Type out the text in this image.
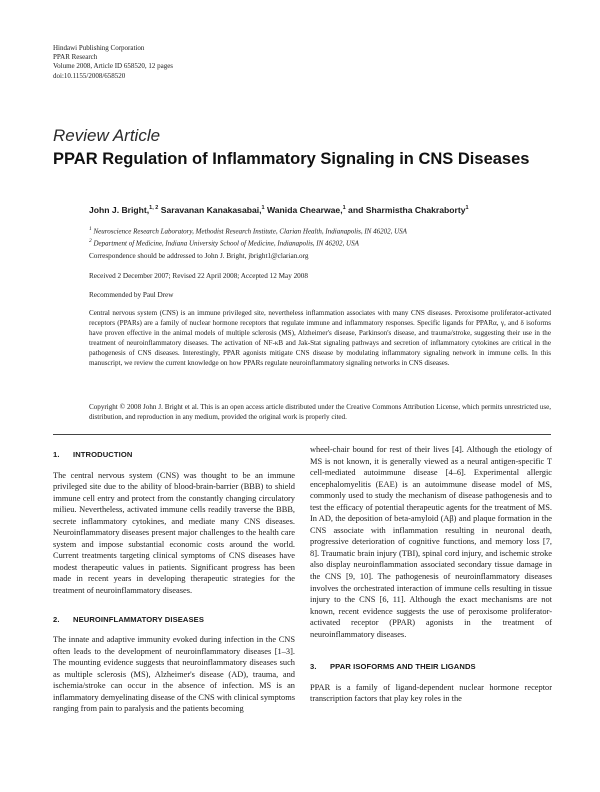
Hindawi Publishing Corporation
PPAR Research
Volume 2008, Article ID 658520, 12 pages
doi:10.1155/2008/658520
Review Article
PPAR Regulation of Inflammatory Signaling in CNS Diseases
John J. Bright,$^{1, 2}$ Saravanan Kanakasabai,$^1$ Wanida Chearwae,$^1$ and Sharmistha Chakraborty$^1$
$^1$ Neuroscience Research Laboratory, Methodist Research Institute, Clarian Health, Indianapolis, IN 46202, USA
$^2$ Department of Medicine, Indiana University School of Medicine, Indianapolis, IN 46202, USA
Correspondence should be addressed to John J. Bright, jbright1@clarian.org
Received 2 December 2007; Revised 22 April 2008; Accepted 12 May 2008
Recommended by Paul Drew
Central nervous system (CNS) is an immune privileged site, nevertheless inflammation associates with many CNS diseases. Peroxisome proliferator-activated receptors (PPARs) are a family of nuclear hormone receptors that regulate immune and inflammatory responses. Specific ligands for PPARα, γ, and δ isoforms have proven effective in the animal models of multiple sclerosis (MS), Alzheimer's disease, Parkinson's disease, and trauma/stroke, suggesting their use in the treatment of neuroinflammatory diseases. The activation of NF-κB and Jak-Stat signaling pathways and secretion of inflammatory cytokines are critical in the pathogenesis of CNS diseases. Interestingly, PPAR agonists mitigate CNS disease by modulating inflammatory signaling network in immune cells. In this manuscript, we review the current knowledge on how PPARs regulate neuroinflammatory signaling networks in CNS diseases.
Copyright © 2008 John J. Bright et al. This is an open access article distributed under the Creative Commons Attribution License, which permits unrestricted use, distribution, and reproduction in any medium, provided the original work is properly cited.
1. INTRODUCTION

The central nervous system (CNS) was thought to be an immune privileged site due to the ability of blood-brain-barrier (BBB) to shield immune cell entry and protect from the constantly changing circulatory milieu. Nevertheless, activated immune cells readily traverse the BBB, secrete inflammatory cytokines, and mediate many CNS diseases. Neuroinflammatory diseases present major challenges to the health care system and impose substantial economic costs around the world. Current treatments targeting clinical symptoms of CNS diseases have modest therapeutic values in patients. Significant progress has been made in recent years in developing therapeutic strategies for the treatment of neuroinflammatory diseases.

2. NEUROINFLAMMATORY DISEASES

The innate and adaptive immunity evoked during infection in the CNS often leads to the development of neuroinflammatory diseases [1–3]. The mounting evidence suggests that neuroinflammatory diseases such as multiple sclerosis (MS), Alzheimer's disease (AD), trauma, and ischemia/stroke can occur in the absence of infection. MS is an inflammatory demyelinating disease of the CNS with clinical symptoms ranging from pain to paralysis and the patients becoming

wheel-chair bound for rest of their lives [4]. Although the etiology of MS is not known, it is generally viewed as a neural antigen-specific T cell-mediated autoimmune disease [4–6]. Experimental allergic encephalomyelitis (EAE) is an autoimmune disease model of MS, commonly used to study the mechanism of disease pathogenesis and to test the efficacy of potential therapeutic agents for the treatment of MS. In AD, the deposition of beta-amyloid (Aβ) and plaque formation in the CNS associate with inflammation resulting in neuronal death, progressive deterioration of cognitive functions, and memory loss [7, 8]. Traumatic brain injury (TBI), spinal cord injury, and ischemic stroke also display neuroinflammation associated secondary tissue damage in the CNS [9, 10]. The pathogenesis of neuroinflammatory diseases involves the orchestrated interaction of immune cells resulting in tissue injury to the CNS [6, 11]. Although the exact mechanisms are not known, recent evidence suggests the use of peroxisome proliferator-activated receptor (PPAR) agonists in the treatment of neuroinflammatory diseases.

3. PPAR ISOFORMS AND THEIR LIGANDS

PPAR is a family of ligand-dependent nuclear hormone receptor transcription factors that play key roles in the
